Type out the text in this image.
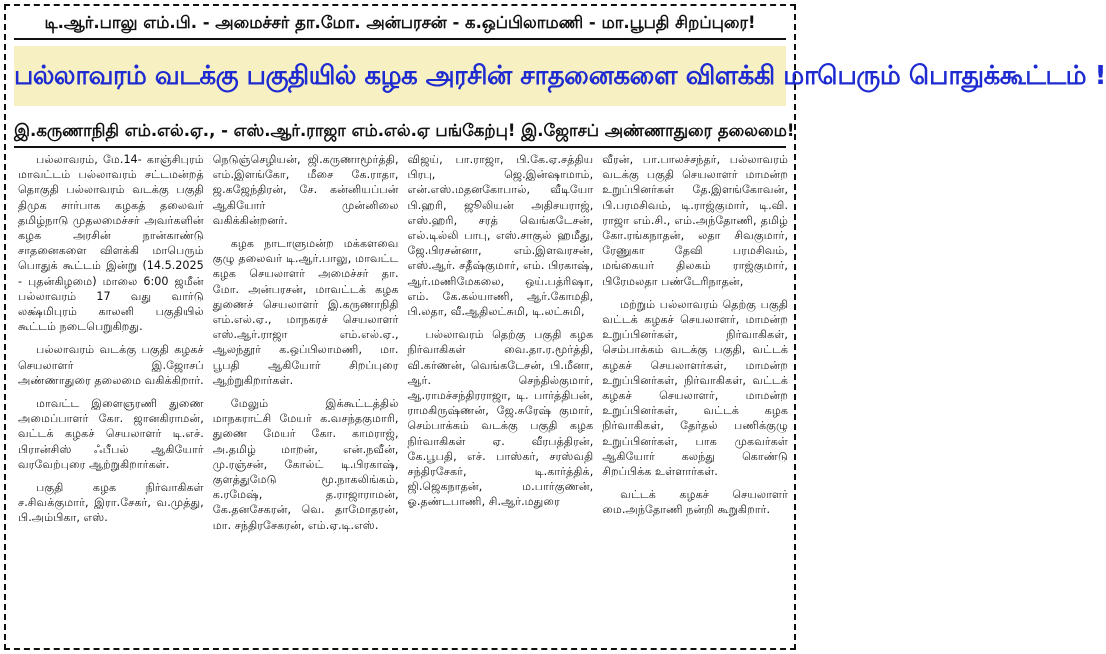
டி.ஆர்.பாலு எம்.பி. - அமைச்சர் தா.மோ. அன்பரசன் - க.ஒப்பிலாமணி - மா.பூபதி சிறப்புரை!
பல்லாவரம் வடக்கு பகுதியில் கழக அரசின் சாதனைகளை விளக்கி மாபெரும் பொதுக்கூட்டம் !
இ.கருணாநிதி எம்.எல்.ஏ., - எஸ்.ஆர்.ராஜா எம்.எல்.ஏ பங்கேற்பு! இ.ஜோசப் அண்ணாதுரை தலைமை!

பல்லாவரம், மே.14- காஞ்சிபுரம் மாவட்டம் பல்லாவரம் சட்டமன்றத் தொகுதி பல்லாவரம் வடக்கு பகுதி திமுக சார்பாக கழகத் தலைவர் தமிழ்நாடு முதலமைச்சர் அவர்களின் கழக அரசின் நான்காண்டு சாதனைகளை விளக்கி மாபெரும் பொதுக் கூட்டம் இன்று (14.5.2025 - புதன்கிழமை) மாலை 6:00 ஜமீன் பல்லாவரம் 17 வது வார்டு லக்ஷ்மிபுரம் காலனி பகுதியில் கூட்டம் நடைபெறுகிறது.

பல்லாவரம் வடக்கு பகுதி கழகச் செயலாளர் இ.ஜோசப் அண்ணாதுரை தலைமை வகிக்கிறார்.

மாவட்ட இளைஞரணி துணை அமைப்பாளர் கோ. ஜானகிராமன், வட்டக் கழகச் செயலாளர் டி.எச். பிரான்சிஸ் ஃபீபல் ஆகியோர் வரவேற்புரை ஆற்றுகிறார்கள்.

பகுதி கழக நிர்வாகிகள் ச.சிவக்குமார், இரா.சேகர், வ.முத்து, பி.அம்பிகா, எஸ்.

நெடுஞ்செழியன், ஜி.கருணாமூர்த்தி, எம்.இளங்கோ, மீசை கே.ராதா, ஜ.கஜேந்திரன், சே. கன்னியப்பன் ஆகியோர் முன்னிலை வகிக்கின்றனர்.

கழக நாடாளுமன்ற மக்களவை குழு தலைவர் டி.ஆர்.பாலு, மாவட்ட கழக செயலாளர் அமைச்சர் தா. மோ. அன்பரசன், மாவட்டக் கழக துணைச் செயலாளர் இ.கருணாநிதி எம்.எல்.ஏ., மாநகரச் செயலாளர் எஸ்.ஆர்.ராஜா எம்.எல்.ஏ., ஆலந்தூர் க.ஒப்பிலாமணி, மா. பூபதி ஆகியோர் சிறப்புரை ஆற்றுகிறார்கள்.

மேலும் இக்கூட்டத்தில் மாநகராட்சி மேயர் க.வசந்தகுமாரி, துணை மேயர் கோ. காமராஜ், அ.தமிழ் மாறன், என்.நவீன், மு.ரஞ்சன், கோல்ட் டி.பிரகாஷ், குளத்துமேடு மூ.நாகலிங்கம், க.ரமேஷ், த.ராஜாராமன், கே.தனசேகரன், வெ. தாமோதரன், மா. சந்திரசேகரன், எம்.ஏ.டி.எஸ்.

விஜய், பா.ராஜா, பி.கே.ஏ.சத்திய பிரபு, ஜெ.இன்ஷாமாம், என்.எஸ்.மதனகோபால், வீடியோ பி.ஹரி, ஜூலியன் அதிசயராஜ், எஸ்.ஹரி, சரத் வெங்கடேசன், எல்.டில்லி பாபு, எஸ்.சாகுல் ஹமீது, ஜே.பிரசன்னா, எம்.இளவரசன், எஸ்.ஆர். சதீஷ்குமார், எம். பிரகாஷ், ஆர்.மணிமேகலை, ஒய்.பத்ரிஷா, எம். கே.கல்யாணி, ஆர்.கோமதி, பி.லதா, வீ.ஆதிலட்சுமி, டி.லட்சுமி,

பல்லாவரம் தெற்கு பகுதி கழக நிர்வாகிகள் வை.தா.ர.மூர்த்தி, வி.கர்ணன், வெங்கடேசன், பி.மீனா, ஆர். செந்தில்குமார், ஆ.ராமச்சந்திரராஜா, டி. பார்த்திபன், ராமகிருஷ்ணன், ஜே.சுரேஷ் குமார், செம்பாக்கம் வடக்கு பகுதி கழக நிர்வாகிகள் ஏ. வீரபத்திரன், கே.பூபதி, எச். பாஸ்கர், சரஸ்வதி சந்திரசேகர், டி.கார்த்திக், ஜி.ஜெகநாதன், ம.பார்குணன், ஓ.தண்டபாணி, சி.ஆர்.மதுரை

வீரன், பா.பாலச்சந்தர், பல்லாவரம் வடக்கு பகுதி செயலாளர் மாமன்ற உறுப்பினர்கள் தே.இளங்கோவன், பி.பரமசிவம், டி.ராஜ்குமார், டி.வி. ராஜா எம்.சி., எம்.அந்தோணி, தமிழ் கோ.ரங்கநாதன், லதா சிவகுமார், ரேணுகா தேவி பரமசிவம், மங்கையர் திலகம் ராஜ்குமார், பிரேமலதா பண்டேரிநாதன்,

மற்றும் பல்லாவரம் தெற்கு பகுதி வட்டக் கழகச் செயலாளர், மாமன்ற உறுப்பினர்கள், நிர்வாகிகள், செம்பாக்கம் வடக்கு பகுதி, வட்டக் கழகச் செயலாளர்கள், மாமன்ற உறுப்பினர்கள், நிர்வாகிகள், வட்டக் கழகச் செயலாளர், மாமன்ற உறுப்பினர்கள், வட்டக் கழக நிர்வாகிகள், தேர்தல் பணிக்குழு உறுப்பினர்கள், பாக முகவர்கள் ஆகியோர் கலந்து கொண்டு சிறப்பிக்க உள்ளார்கள்.

வட்டக் கழகச் செயலாளர் மை.அந்தோணி நன்றி கூறுகிறார்.
